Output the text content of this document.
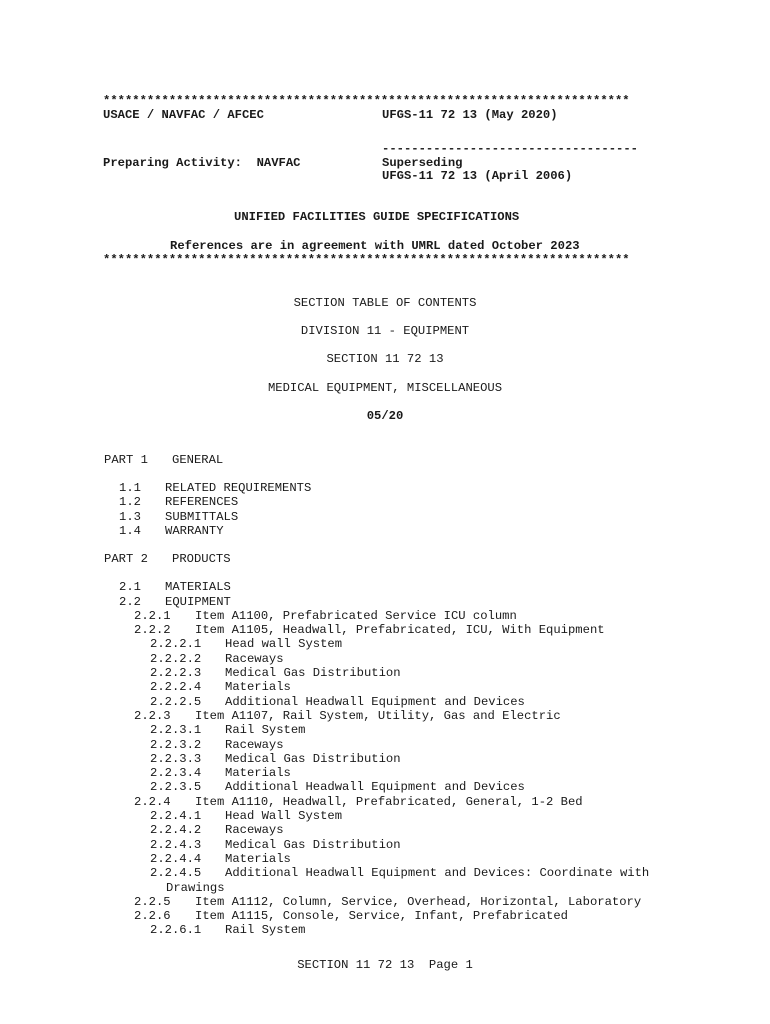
************************************************************************
USACE / NAVFAC / AFCEC	UFGS-11 72 13 (May 2020)
-----------------------------------
Preparing Activity:  NAVFAC	Superseding
UFGS-11 72 13 (April 2006)
UNIFIED FACILITIES GUIDE SPECIFICATIONS
References are in agreement with UMRL dated October 2023
************************************************************************
SECTION TABLE OF CONTENTS
DIVISION 11 - EQUIPMENT
SECTION 11 72 13
MEDICAL EQUIPMENT, MISCELLANEOUS
05/20
PART 1 GENERAL
1.1 RELATED REQUIREMENTS
1.2 REFERENCES
1.3 SUBMITTALS
1.4 WARRANTY
PART 2 PRODUCTS
2.1 MATERIALS
2.2 EQUIPMENT
2.2.1 Item A1100, Prefabricated Service ICU column
2.2.2 Item A1105, Headwall, Prefabricated, ICU, With Equipment
2.2.2.1 Head wall System
2.2.2.2 Raceways
2.2.2.3 Medical Gas Distribution
2.2.2.4 Materials
2.2.2.5 Additional Headwall Equipment and Devices
2.2.3 Item A1107, Rail System, Utility, Gas and Electric
2.2.3.1 Rail System
2.2.3.2 Raceways
2.2.3.3 Medical Gas Distribution
2.2.3.4 Materials
2.2.3.5 Additional Headwall Equipment and Devices
2.2.4 Item A1110, Headwall, Prefabricated, General, 1-2 Bed
2.2.4.1 Head Wall System
2.2.4.2 Raceways
2.2.4.3 Medical Gas Distribution
2.2.4.4 Materials
2.2.4.5 Additional Headwall Equipment and Devices: Coordinate with
Drawings
2.2.5 Item A1112, Column, Service, Overhead, Horizontal, Laboratory
2.2.6 Item A1115, Console, Service, Infant, Prefabricated
2.2.6.1 Rail System
SECTION 11 72 13  Page 1
